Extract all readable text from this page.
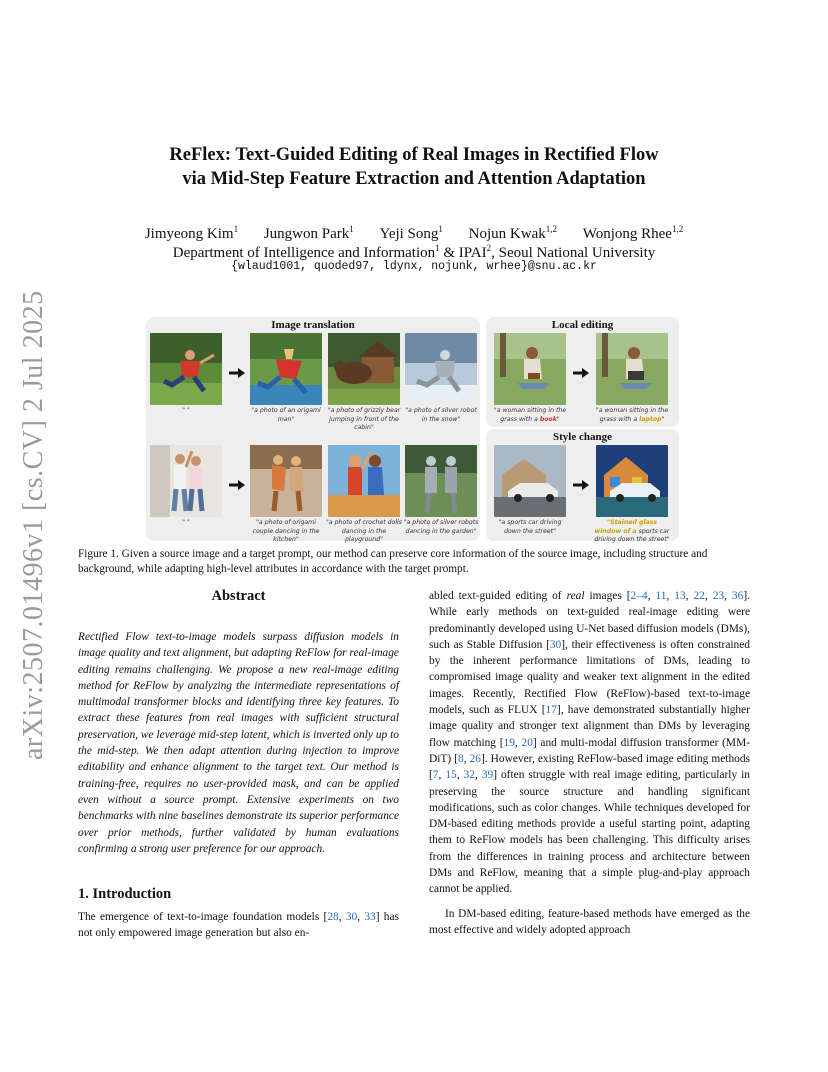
ReFlex: Text-Guided Editing of Real Images in Rectified Flow
via Mid-Step Feature Extraction and Attention Adaptation
Jimyeong Kim$^1$ Jungwon Park$^1$ Yeji Song$^1$ Nojun Kwak$^{1,2}$ Wonjong Rhee$^{1,2}$
Department of Intelligence and Information$^1$ & IPAI$^2$, Seoul National University
{wlaud1001, quoded97, ldynx, nojunk, wrhee}@snu.ac.kr
arXiv:2507.01496v1 [cs.CV] 2 Jul 2025	Image translation	Local editing
Style change
" "	"a photo of an origami man"
"a photo of grizzly bear jumping in front of the cabin"
"a photo of silver robot in the snow"
" "	"a photo of origami couple dancing in the kitchen"
"a photo of crochet dolls dancing in the playground"
"a photo of silver robots dancing in the garden"
"a woman sitting in the grass with a book"
"a woman sitting in the grass with a laptop"
"a sports car driving down the street"
"Stained glass window of a sports car driving down the street"
Figure 1. Given a source image and a target prompt, our method can preserve core information of the source image, including structure and background, while adapting high-level attributes in accordance with the target prompt.
Abstract

Rectified Flow text-to-image models surpass diffusion models in image quality and text alignment, but adapting ReFlow for real-image editing remains challenging. We propose a new real-image editing method for ReFlow by analyzing the intermediate representations of multimodal transformer blocks and identifying three key features. To extract these features from real images with sufficient structural preservation, we leverage mid-step latent, which is inverted only up to the mid-step. We then adapt attention during injection to improve editability and enhance alignment to the target text. Our method is training-free, requires no user-provided mask, and can be applied even without a source prompt. Extensive experiments on two benchmarks with nine baselines demonstrate its superior performance over prior methods, further validated by human evaluations confirming a strong user preference for our approach.

1. Introduction

The emergence of text-to-image foundation models [28, 30, 33] has not only empowered image generation but also en-

abled text-guided editing of real images [2–4, 11, 13, 22, 23, 36]. While early methods on text-guided real-image editing were predominantly developed using U-Net based diffusion models (DMs), such as Stable Diffusion [30], their effectiveness is often constrained by the inherent performance limitations of DMs, leading to compromised image quality and weaker text alignment in the edited images. Recently, Rectified Flow (ReFlow)-based text-to-image models, such as FLUX [17], have demonstrated substantially higher image quality and stronger text alignment than DMs by leveraging flow matching [19, 20] and multi-modal diffusion transformer (MM-DiT) [8, 26]. However, existing ReFlow-based image editing methods [7, 15, 32, 39] often struggle with real image editing, particularly in preserving the source structure and handling significant modifications, such as color changes. While techniques developed for DM-based editing methods provide a useful starting point, adapting them to ReFlow models has been challenging. This difficulty arises from the differences in training process and architecture between DMs and ReFlow, meaning that a simple plug-and-play approach cannot be applied.

In DM-based editing, feature-based methods have emerged as the most effective and widely adopted approach
